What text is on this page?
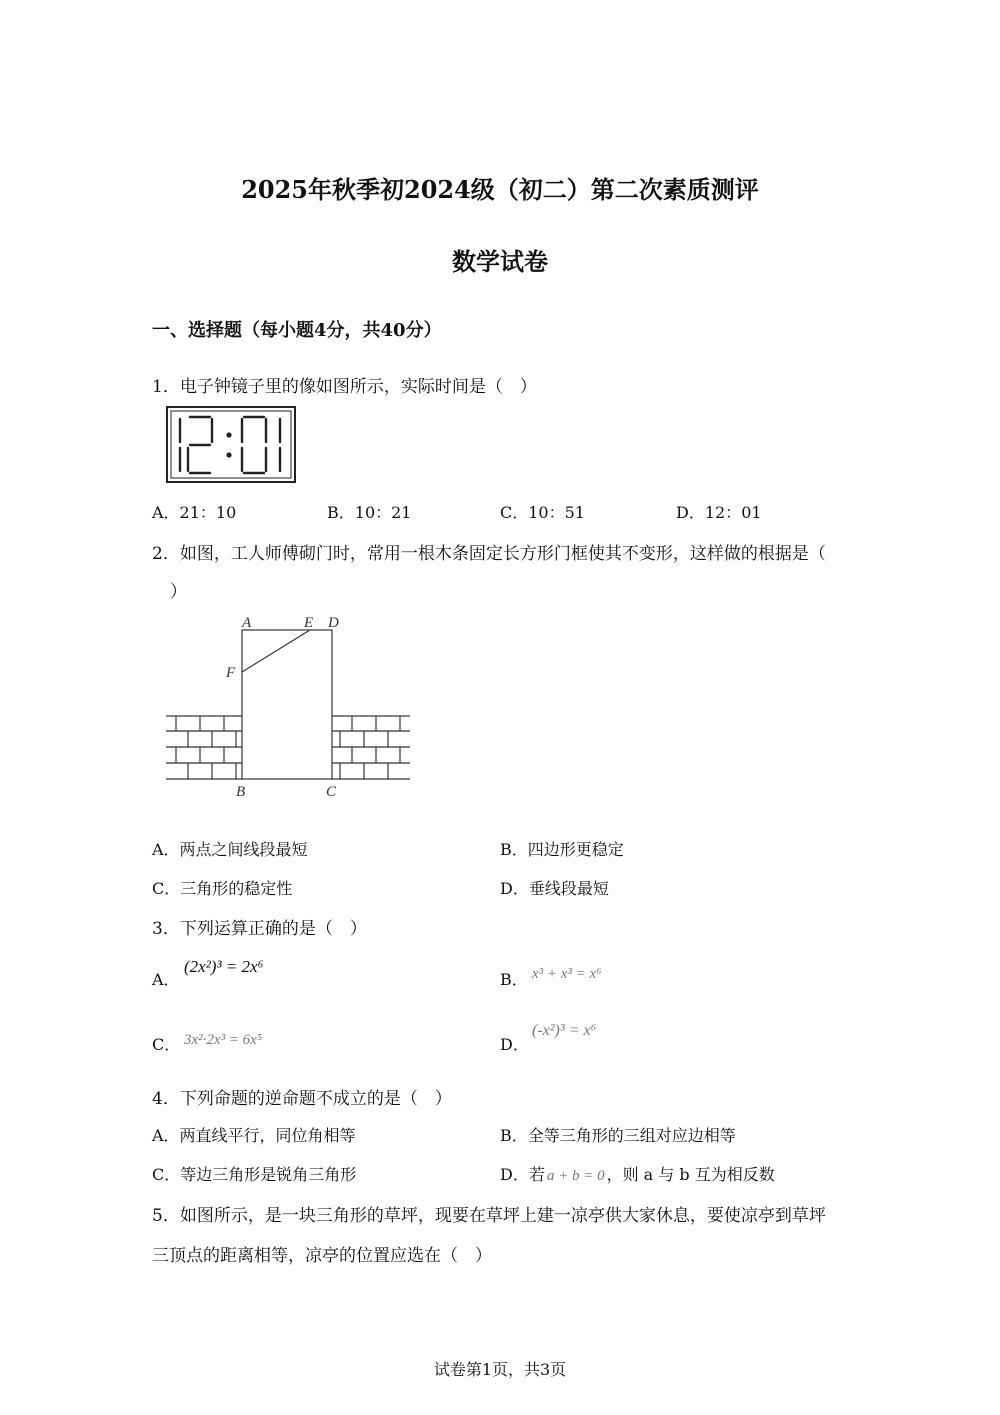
2025年秋季初2024级（初二）第二次素质测评
数学试卷
一、选择题（每小题4分，共40分）
1．电子钟镜子里的像如图所示，实际时间是（　）
A．21：10	B．10：21	C．10：51	D．12：01
2．如图，工人师傅砌门时，常用一根木条固定长方形门框使其不变形，这样做的根据是（
）
A	E D
F
B	C
A．两点之间线段最短	B．四边形更稳定
C．三角形的稳定性	D．垂线段最短
3．下列运算正确的是（　）
A．
(2x²)³ = 2x⁶
B． x³ + x³ = x⁶
C． 3x²·2x³ = 6x⁵	D．
(-x²)³ = x⁶
4．下列命题的逆命题不成立的是（　）
A．两直线平行，同位角相等	B．全等三角形的三组对应边相等
C．等边三角形是锐角三角形	D．若 a + b = 0 ，则 a 与 b 互为相反数
5．如图所示，是一块三角形的草坪，现要在草坪上建一凉亭供大家休息，要使凉亭到草坪
三顶点的距离相等，凉亭的位置应选在（　）
试卷第1页，共3页
